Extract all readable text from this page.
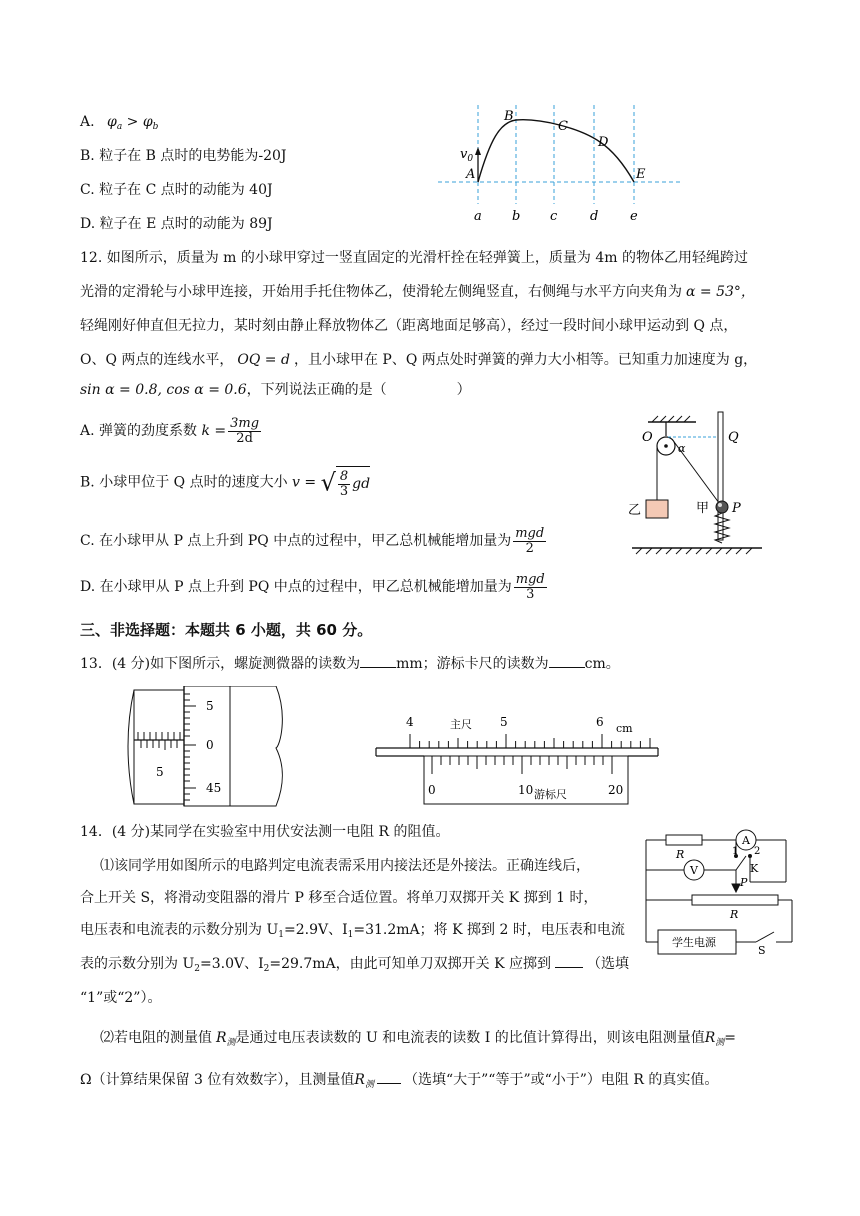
A. $\varphi_a > \varphi_b$
B. 粒子在 B 点时的电势能为-20J
C. 粒子在 C 点时的动能为 40J
D. 粒子在 E 点时的动能为 89J
$v_0$
A
B
C
D
E
a b c	d e
12. 如图所示，质量为 m 的小球甲穿过一竖直固定的光滑杆拴在轻弹簧上，质量为 4m 的物体乙用轻绳跨过
光滑的定滑轮与小球甲连接，开始用手托住物体乙，使滑轮左侧绳竖直，右侧绳与水平方向夹角为 α = 53°，
轻绳刚好伸直但无拉力，某时刻由静止释放物体乙（距离地面足够高），经过一段时间小球甲运动到 Q 点，
O、Q 两点的连线水平， OQ = d ，且小球甲在 P、Q 两点处时弹簧的弹力大小相等。已知重力加速度为 g，
sin α = 0.8, cos α = 0.6，下列说法正确的是（	）
A. 弹簧的劲度系数 $k = \frac{3mg}{2d}$
B. 小球甲位于 Q 点时的速度大小 v = √ $\frac{8}{3}$ gd
C. 在小球甲从 P 点上升到 PQ 中点的过程中，甲乙总机械能增加量为 $\frac{\text{mgd}}{2}$
D. 在小球甲从 P 点上升到 PQ 中点的过程中，甲乙总机械能增加量为 $\frac{\text{mgd}}{3}$
O	Q
α
乙	甲 P
三、非选择题：本题共 6 小题，共 60 分。
13．(4 分)如下图所示，螺旋测微器的读数为	mm；游标卡尺的读数为	cm。
5
5
0
45
4	5	6
主尺	cm
0	10	20
游标尺
14．(4 分)某同学在实验室中用伏安法测一电阻 R 的阻值。
⑴该同学用如图所示的电路判定电流表需采用内接法还是外接法。正确连线后，
合上开关 S，将滑动变阻器的滑片 P 移至合适位置。将单刀双掷开关 K 掷到 1 时，
电压表和电流表的示数分别为 $U_1=2.9V$、$I_1=31.2mA$；将 K 掷到 2 时，电压表和电流
表的示数分别为 $U_2=3.0V$、$I_2=29.7mA$，由此可知单刀双掷开关 K 应掷到	（选填
“1”或“2”）。
⑵若电阻的测量值 $R_测$是通过电压表读数的 U 和电流表的读数 I 的比值计算得出，则该电阻测量值$R_测=$
Ω（计算结果保留 3 位有效数字），且测量值$R_测$ （选填“大于”“等于”或“小于”）电阻 R 的真实值。
R
A
V
1 2
K
P
R
学生电源
S
